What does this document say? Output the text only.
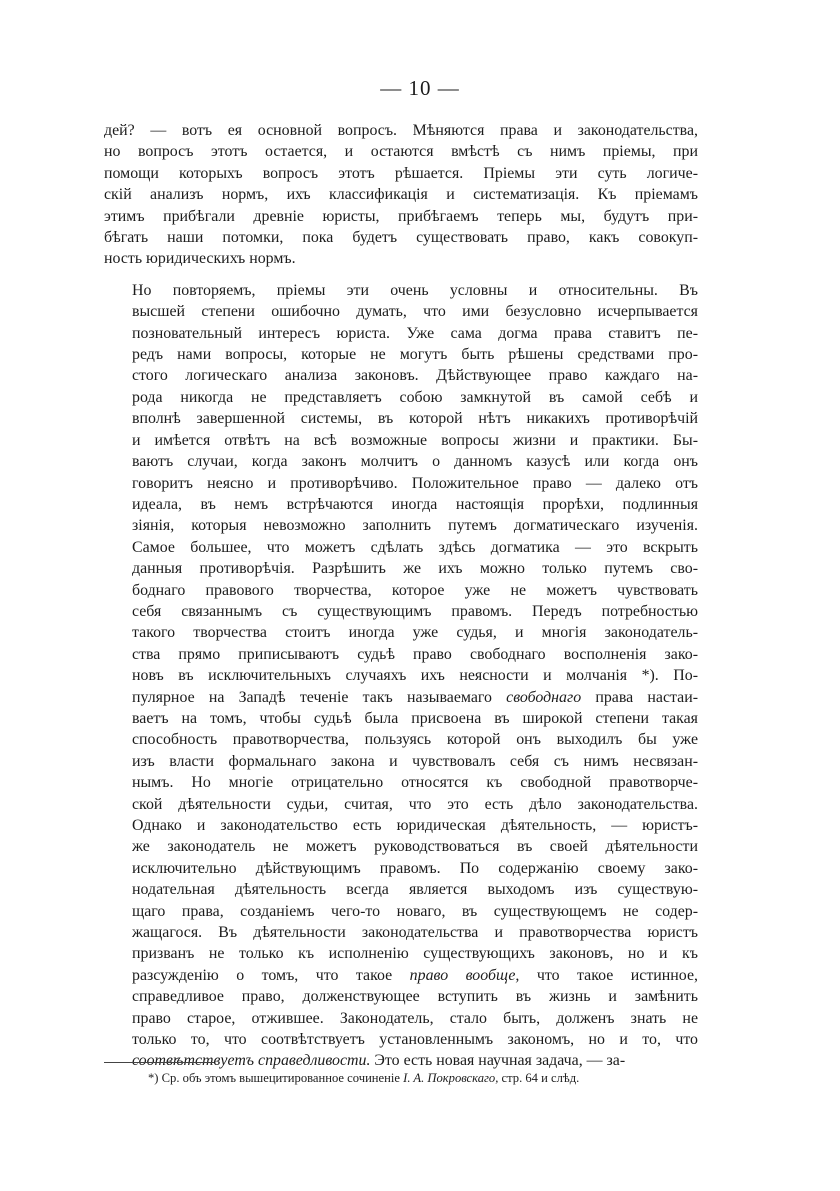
— 10 —

дей? — вотъ ея основной вопросъ. Мѣняются права и законодательства,
но вопросъ этотъ остается, и остаются вмѣстѣ съ нимъ пріемы, при
помощи которыхъ вопросъ этотъ рѣшается. Пріемы эти суть логиче-
скій анализъ нормъ, ихъ классификація и систематизація. Къ пріемамъ
этимъ прибѣгали древніе юристы, прибѣгаемъ теперь мы, будутъ при-
бѣгать наши потомки, пока будетъ существовать право, какъ совокуп-
ность юридическихъ нормъ.

Но повторяемъ, пріемы эти очень условны и относительны. Въ
высшей степени ошибочно думать, что ими безусловно исчерпывается
позновательный интересъ юриста. Уже сама догма права ставитъ пе-
редъ нами вопросы, которые не могутъ быть рѣшены средствами про-
стого логическаго анализа законовъ. Дѣйствующее право каждаго на-
рода никогда не представляетъ собою замкнутой въ самой себѣ и
вполнѣ завершенной системы, въ которой нѣтъ никакихъ противорѣчій
и имѣется отвѣтъ на всѣ возможные вопросы жизни и практики. Бы-
ваютъ случаи, когда законъ молчитъ о данномъ казусѣ или когда онъ
говоритъ неясно и противорѣчиво. Положительное право — далеко отъ
идеала, въ немъ встрѣчаются иногда настоящія прорѣхи, подлинныя
зіянія, которыя невозможно заполнить путемъ догматическаго изученія.
Самое большее, что можетъ сдѣлать здѣсь догматика — это вскрыть
данныя противорѣчія. Разрѣшить же ихъ можно только путемъ сво-
боднаго правового творчества, которое уже не можетъ чувствовать
себя связаннымъ съ существующимъ правомъ. Передъ потребностью
такого творчества стоитъ иногда уже судья, и многія законодатель-
ства прямо приписываютъ судьѣ право свободнаго восполненія зако-
новъ въ исключительныхъ случаяхъ ихъ неясности и молчанія *). По-
пулярное на Западѣ теченіе такъ называемаго свободнаго права настаи-
ваетъ на томъ, чтобы судьѣ была присвоена въ широкой степени такая
способность правотворчества, пользуясь которой онъ выходилъ бы уже
изъ власти формальнаго закона и чувствовалъ себя съ нимъ несвязан-
нымъ. Но многіе отрицательно относятся къ свободной правотворче-
ской дѣятельности судьи, считая, что это есть дѣло законодательства.
Однако и законодательство есть юридическая дѣятельность, — юристъ-
же законодатель не можетъ руководствоваться въ своей дѣятельности
исключительно дѣйствующимъ правомъ. По содержанію своему зако-
нодательная дѣятельность всегда является выходомъ изъ существую-
щаго права, созданіемъ чего-то новаго, въ существующемъ не содер-
жащагося. Въ дѣятельности законодательства и правотворчества юристъ
призванъ не только къ исполненію существующихъ законовъ, но и къ
разсужденію о томъ, что такое право вообще, что такое истинное,
справедливое право, долженствующее вступить въ жизнь и замѣнить
право старое, отжившее. Законодатель, стало быть, долженъ знать не
только то, что соотвѣтствуетъ установленнымъ закономъ, но и то, что
соотвѣтствуетъ справедливости. Это есть новая научная задача, — за-

*) Ср. объ этомъ вышецитированное сочиненіе I. A. Покровскаго, стр. 64 и слѣд.
